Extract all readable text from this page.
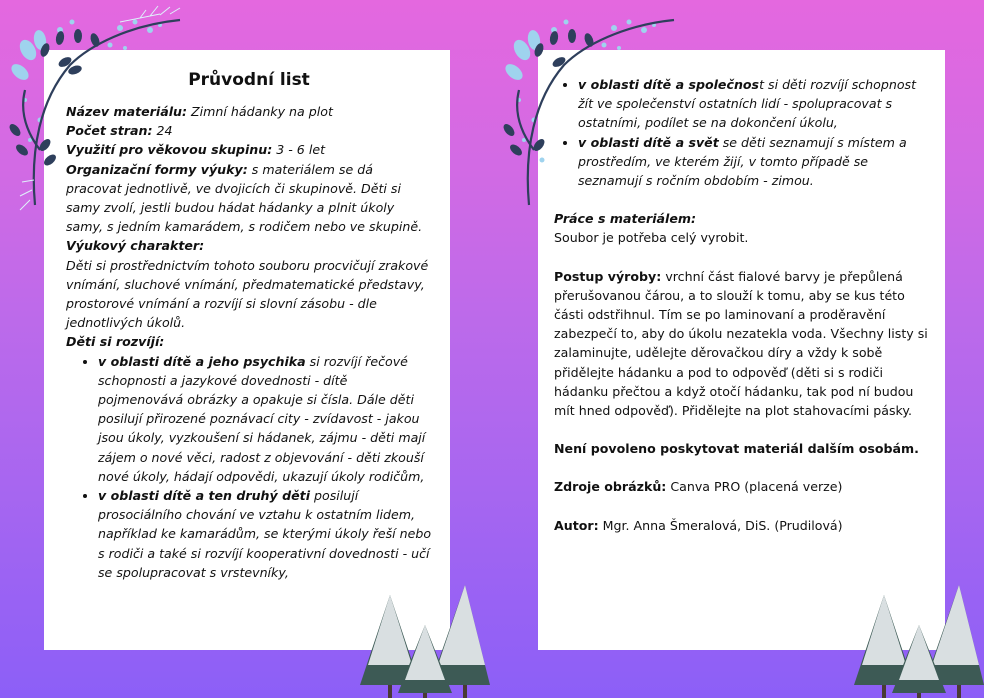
Průvodní list

Název materiálu: Zimní hádanky na plot

Počet stran: 24

Využití pro věkovou skupinu: 3 - 6 let

Organizační formy výuky: s materiálem se dá pracovat jednotlivě, ve dvojicích či skupinově. Děti si samy zvolí, jestli budou hádat hádanky a plnit úkoly samy, s jedním kamarádem, s rodičem nebo ve skupině.

Výukový charakter:

Děti si prostřednictvím tohoto souboru procvičují zrakové vnímání, sluchové vnímání, předmatematické představy, prostorové vnímání a rozvíjí si slovní zásobu - dle jednotlivých úkolů.

Děti si rozvíjí:

• v oblasti dítě a jeho psychika si rozvíjí řečové schopnosti a jazykové dovednosti - dítě pojmenovává obrázky a opakuje si čísla. Dále děti posilují přirozené poznávací city - zvídavost - jakou jsou úkoly, vyzkoušení si hádanek, zájmu - děti mají zájem o nové věci, radost z objevování - děti zkouší nové úkoly, hádají odpovědi, ukazují úkoly rodičům,
• v oblasti dítě a ten druhý děti posilují prosociálního chování ve vztahu k ostatním lidem, například ke kamarádům, se kterými úkoly řeší nebo s rodiči a také si rozvíjí kooperativní dovednosti - učí se spolupracovat s vrstevníky,
• v oblasti dítě a společnost si děti rozvíjí schopnost žít ve společenství ostatních lidí - spolupracovat s ostatními, podílet se na dokončení úkolu,
• v oblasti dítě a svět se děti seznamují s místem a prostředím, ve kterém žijí, v tomto případě se seznamují s ročním obdobím - zimou.

Práce s materiálem:

Soubor je potřeba celý vyrobit.

Postup výroby: vrchní část fialové barvy je přepůlená přerušovanou čárou, a to slouží k tomu, aby se kus této části odstřihnul. Tím se po laminovaní a proděravění zabezpečí to, aby do úkolu nezatekla voda. Všechny listy si zalaminujte, udělejte děrovačkou díry a vždy k sobě přidělejte hádanku a pod to odpověď (děti si s rodiči hádanku přečtou a když otočí hádanku, tak pod ní budou mít hned odpověď). Přidělejte na plot stahovacími pásky.

Není povoleno poskytovat materiál dalším osobám.

Zdroje obrázků: Canva PRO (placená verze)

Autor: Mgr. Anna Šmeralová, DiS. (Prudilová)
